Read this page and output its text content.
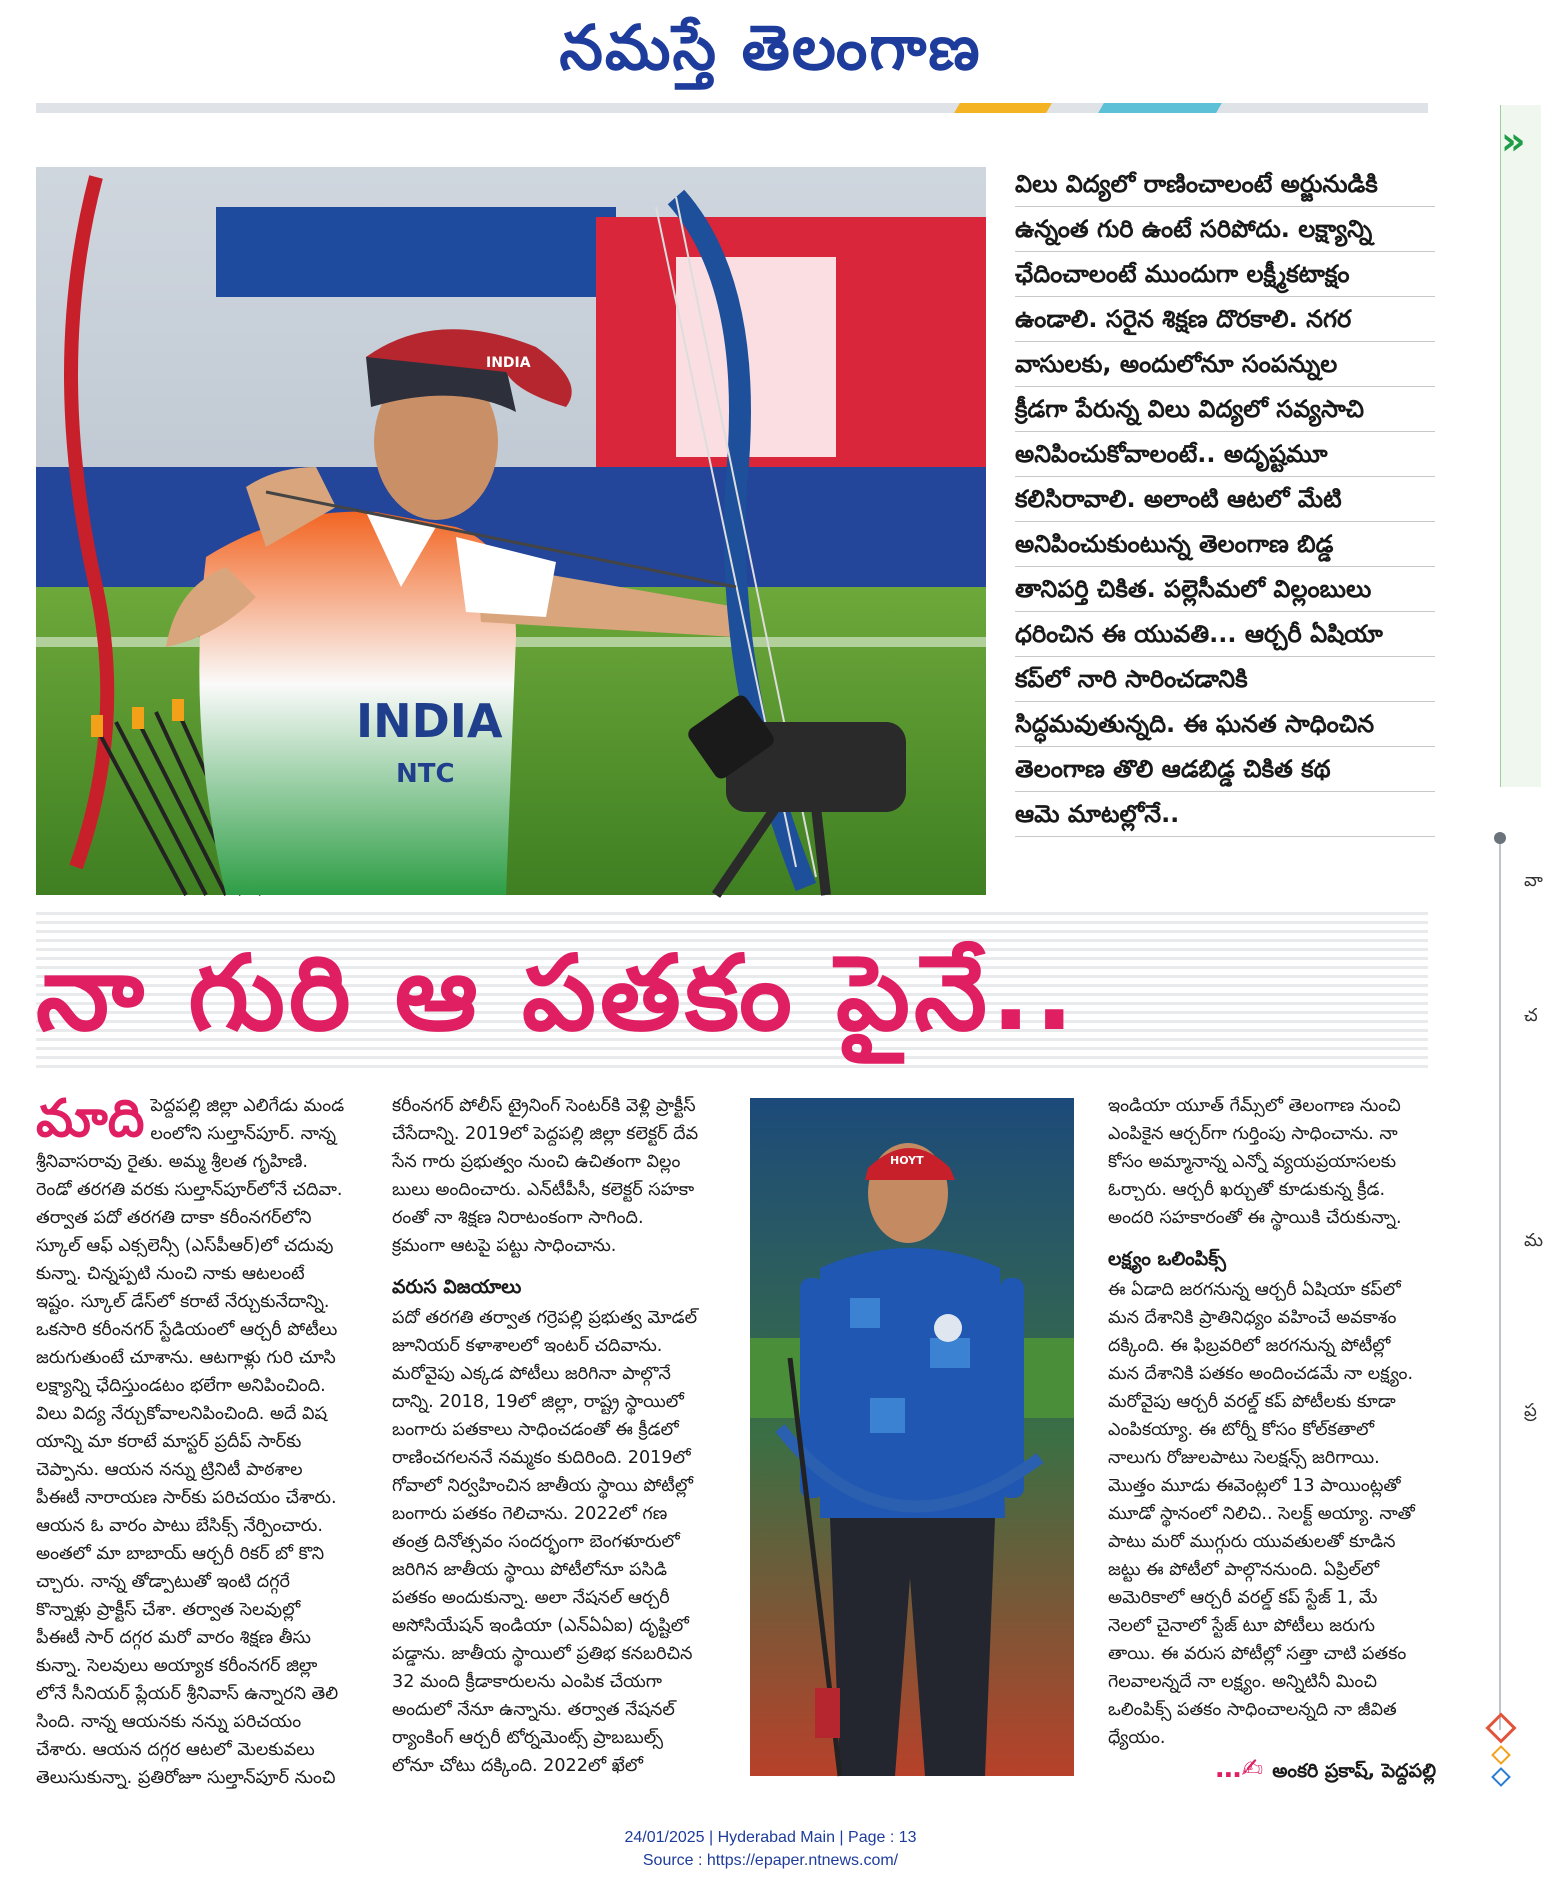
నమస్తే తెలంగాణ
INDIA
INDIA
NTC

విలు విద్యలో రాణించాలంటే అర్జునుడికి

ఉన్నంత గురి ఉంటే సరిపోదు. లక్ష్యాన్ని

ఛేదించాలంటే ముందుగా లక్ష్మీకటాక్షం

ఉండాలి. సరైన శిక్షణ దొరకాలి. నగర

వాసులకు, అందులోనూ సంపన్నుల

క్రీడగా పేరున్న విలు విద్యలో సవ్యసాచి

అనిపించుకోవాలంటే.. అదృష్టమూ

కలిసిరావాలి. అలాంటి ఆటలో మేటి

అనిపించుకుంటున్న తెలంగాణ బిడ్డ

తానిపర్తి చికిత. పల్లెసీమలో విల్లంబులు

ధరించిన ఈ యువతి... ఆర్చరీ ఏషియా

కప్‌లో నారి సారించడానికి

సిద్ధమవుతున్నది. ఈ ఘనత సాధించిన

తెలంగాణ తొలి ఆడబిడ్డ చికిత కథ

ఆమె మాటల్లోనే..

నా గురి ఆ పతకం పైనే..
మాది పెద్దపల్లి జిల్లా ఎలిగేడు మండ

లంలోని సుల్తాన్‌పూర్. నాన్న

శ్రీనివాసరావు రైతు. అమ్మ శ్రీలత గృహిణి.

రెండో తరగతి వరకు సుల్తాన్‌పూర్‌లోనే చదివా.

తర్వాత పదో తరగతి దాకా కరీంనగర్‌లోని

స్కూల్ ఆఫ్ ఎక్సలెన్సీ (ఎస్‌పీఆర్)లో చదువు

కున్నా. చిన్నప్పటి నుంచి నాకు ఆటలంటే

ఇష్టం. స్కూల్ డేస్‌లో కరాటే నేర్చుకునేదాన్ని.

ఒకసారి కరీంనగర్ స్టేడియంలో ఆర్చరీ పోటీలు

జరుగుతుంటే చూశాను. ఆటగాళ్లు గురి చూసి

లక్ష్యాన్ని ఛేదిస్తుండటం భలేగా అనిపించింది.

విలు విద్య నేర్చుకోవాలనిపించింది. అదే విష

యాన్ని మా కరాటే మాస్టర్ ప్రదీప్ సార్‌కు

చెప్పాను. ఆయన నన్ను ట్రినిటీ పాఠశాల

పీఈటీ నారాయణ సార్‌కు పరిచయం చేశారు.

ఆయన ఓ వారం పాటు బేసిక్స్ నేర్పించారు.

అంతలో మా బాబాయ్ ఆర్చరీ రికర్ బో కొని

చ్చారు. నాన్న తోడ్పాటుతో ఇంటి దగ్గరే

కొన్నాళ్లు ప్రాక్టీస్ చేశా. తర్వాత సెలవుల్లో

పీఈటీ సార్ దగ్గర మరో వారం శిక్షణ తీసు

కున్నా. సెలవులు అయ్యాక కరీంనగర్ జిల్లా

లోనే సీనియర్ ప్లేయర్ శ్రీనివాస్ ఉన్నారని తెలి

సింది. నాన్న ఆయనకు నన్ను పరిచయం

చేశారు. ఆయన దగ్గర ఆటలో మెలకువలు

తెలుసుకున్నా. ప్రతిరోజూ సుల్తాన్‌పూర్ నుంచి

కరీంనగర్ పోలీస్ ట్రైనింగ్ సెంటర్‌కి వెళ్లి ప్రాక్టీస్

చేసేదాన్ని. 2019లో పెద్దపల్లి జిల్లా కలెక్టర్ దేవ

సేన గారు ప్రభుత్వం నుంచి ఉచితంగా విల్లం

బులు అందించారు. ఎన్‌టీపీసీ, కలెక్టర్ సహకా

రంతో నా శిక్షణ నిరాటంకంగా సాగింది.

క్రమంగా ఆటపై పట్టు సాధించాను.

వరుస విజయాలు

పదో తరగతి తర్వాత గర్రెపల్లి ప్రభుత్వ మోడల్

జూనియర్ కళాశాలలో ఇంటర్ చదివాను.

మరోవైపు ఎక్కడ పోటీలు జరిగినా పాల్గొనే

దాన్ని. 2018, 19లో జిల్లా, రాష్ట్ర స్థాయిలో

బంగారు పతకాలు సాధించడంతో ఈ క్రీడలో

రాణించగలననే నమ్మకం కుదిరింది. 2019లో

గోవాలో నిర్వహించిన జాతీయ స్థాయి పోటీల్లో

బంగారు పతకం గెలిచాను. 2022లో గణ

తంత్ర దినోత్సవం సందర్భంగా బెంగళూరులో

జరిగిన జాతీయ స్థాయి పోటీలోనూ పసిడి

పతకం అందుకున్నా. అలా నేషనల్ ఆర్చరీ

అసోసియేషన్ ఇండియా (ఎన్ఏఏఐ) దృష్టిలో

పడ్డాను. జాతీయ స్థాయిలో ప్రతిభ కనబరిచిన

32 మంది క్రీడాకారులను ఎంపిక చేయగా

అందులో నేనూ ఉన్నాను. తర్వాత నేషనల్

ర్యాంకింగ్ ఆర్చరీ టోర్నమెంట్స్ ప్రాబబుల్స్

లోనూ చోటు దక్కింది. 2022లో ఖేలో

HOYT

ఇండియా యూత్ గేమ్స్‌లో తెలంగాణ నుంచి

ఎంపికైన ఆర్చర్‌గా గుర్తింపు సాధించాను. నా

కోసం అమ్మానాన్న ఎన్నో వ్యయప్రయాసలకు

ఓర్చారు. ఆర్చరీ ఖర్చుతో కూడుకున్న క్రీడ.

అందరి సహకారంతో ఈ స్థాయికి చేరుకున్నా.

లక్ష్యం ఒలింపిక్స్

ఈ ఏడాది జరగనున్న ఆర్చరీ ఏషియా కప్‌లో

మన దేశానికి ప్రాతినిధ్యం వహించే అవకాశం

దక్కింది. ఈ ఫిబ్రవరిలో జరగనున్న పోటీల్లో

మన దేశానికి పతకం అందించడమే నా లక్ష్యం.

మరోవైపు ఆర్చరీ వరల్డ్ కప్ పోటీలకు కూడా

ఎంపికయ్యా. ఈ టోర్నీ కోసం కోల్‌కతాలో

నాలుగు రోజులపాటు సెలక్షన్స్ జరిగాయి.

మొత్తం మూడు ఈవెంట్లలో 13 పాయింట్లతో

మూడో స్థానంలో నిలిచి.. సెలక్ట్ అయ్యా. నాతో

పాటు మరో ముగ్గురు యువతులతో కూడిన

జట్టు ఈ పోటీలో పాల్గొననుంది. ఏప్రిల్‌లో

అమెరికాలో ఆర్చరీ వరల్డ్ కప్ స్టేజ్ 1, మే

నెలలో చైనాలో స్టేజ్ టూ పోటీలు జరుగు

తాయి. ఈ వరుస పోటీల్లో సత్తా చాటి పతకం

గెలవాలన్నదే నా లక్ష్యం. అన్నిటినీ మించి

ఒలింపిక్స్ పతకం సాధించాలన్నది నా జీవిత

ధ్యేయం.

…✍ అంకరి ప్రకాష్, పెద్దపల్లి
24/01/2025 | Hyderabad Main | Page : 13
Source : https://epaper.ntnews.com/
»
వా
చ
మ
ప్ర
